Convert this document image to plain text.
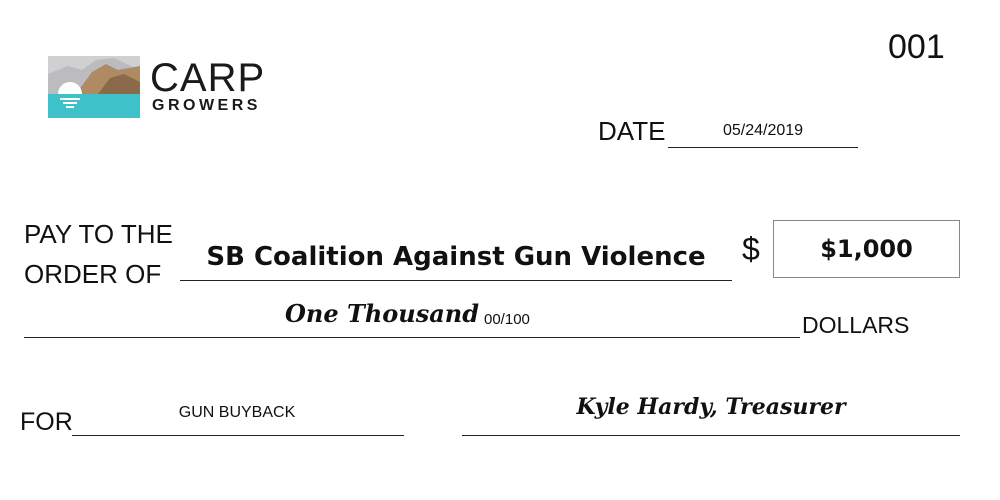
CARP
GROWERS
001
DATE	05/24/2019
PAY TO THE
ORDER OF
SB Coalition Against Gun Violence	$	$1,000
One Thousand 00/100	DOLLARS
FOR	GUN BUYBACK	Kyle Hardy, Treasurer
